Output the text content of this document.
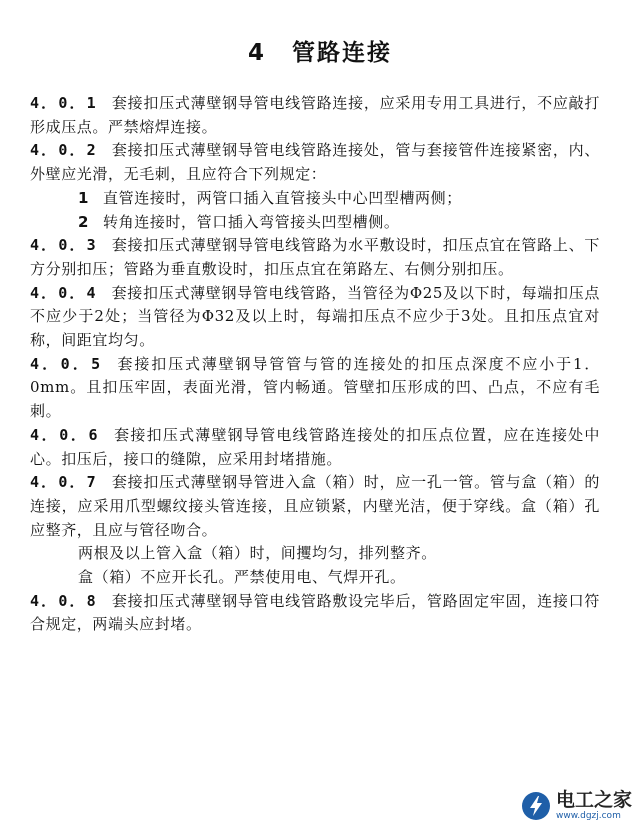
4 管路连接

4．0．1 套接扣压式薄壁钢导管电线管路连接，应采用专用工具进行，不应敲打形成压点。严禁熔焊连接。

4．0．2 套接扣压式薄壁钢导管电线管路连接处，管与套接管件连接紧密，内、外壁应光滑，无毛刺，且应符合下列规定：

1 直管连接时，两管口插入直管接头中心凹型槽两侧；

2 转角连接时，管口插入弯管接头凹型槽侧。

4．0．3 套接扣压式薄壁钢导管电线管路为水平敷设时，扣压点宜在管路上、下方分别扣压；管路为垂直敷设时，扣压点宜在第路左、右侧分别扣压。

4．0．4 套接扣压式薄壁钢导管电线管路，当管径为Φ25及以下时，每端扣压点不应少于2处；当管径为Φ32及以上时，每端扣压点不应少于3处。且扣压点宜对称，间距宜均匀。

4．0．5 套接扣压式薄壁钢导管管与管的连接处的扣压点深度不应小于1．0mm。且扣压牢固，表面光滑，管内畅通。管壁扣压形成的凹、凸点，不应有毛刺。

4．0．6 套接扣压式薄壁钢导管电线管路连接处的扣压点位置，应在连接处中心。扣压后，接口的缝隙，应采用封堵措施。

4．0．7 套接扣压式薄壁钢导管进入盒（箱）时，应一孔一管。管与盒（箱）的连接，应采用爪型螺纹接头管连接，且应锁紧，内壁光洁，便于穿线。盒（箱）孔应整齐，且应与管径吻合。

两根及以上管入盒（箱）时，间攫均匀，排列整齐。

盒（箱）不应开长孔。严禁使用电、气焊开孔。

4．0．8 套接扣压式薄壁钢导管电线管路敷设完毕后，管路固定牢固，连接口符合规定，两端头应封堵。

电工之家
www.dgzj.com
